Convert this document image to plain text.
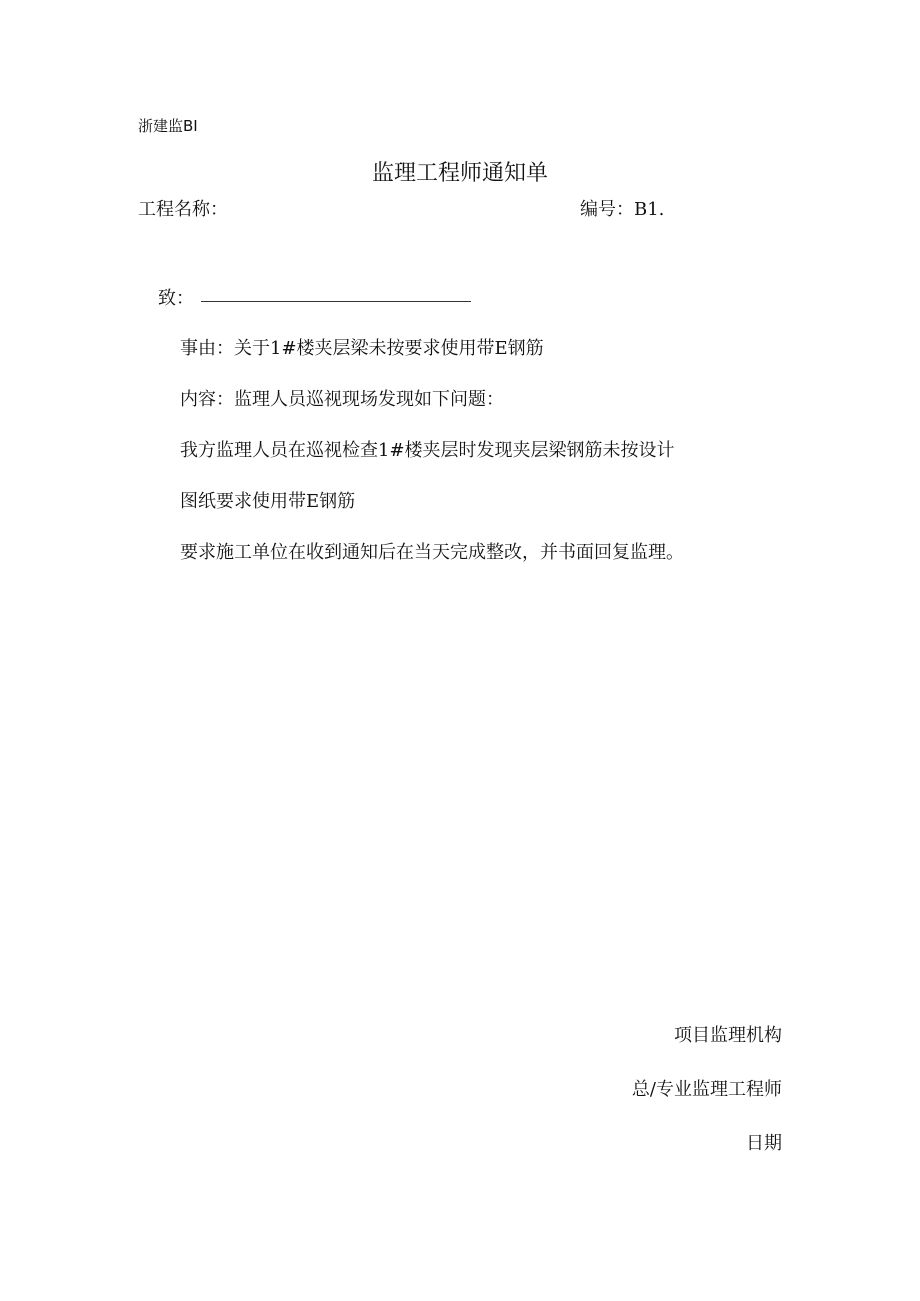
浙建监BI
监理工程师通知单
工程名称：	编号：B1.
致：
事由：关于1#楼夹层梁未按要求使用带E钢筋
内容：监理人员巡视现场发现如下问题：
我方监理人员在巡视检查1#楼夹层时发现夹层梁钢筋未按设计
图纸要求使用带E钢筋
要求施工单位在收到通知后在当天完成整改，并书面回复监理。
项目监理机构
总/专业监理工程师
日期
